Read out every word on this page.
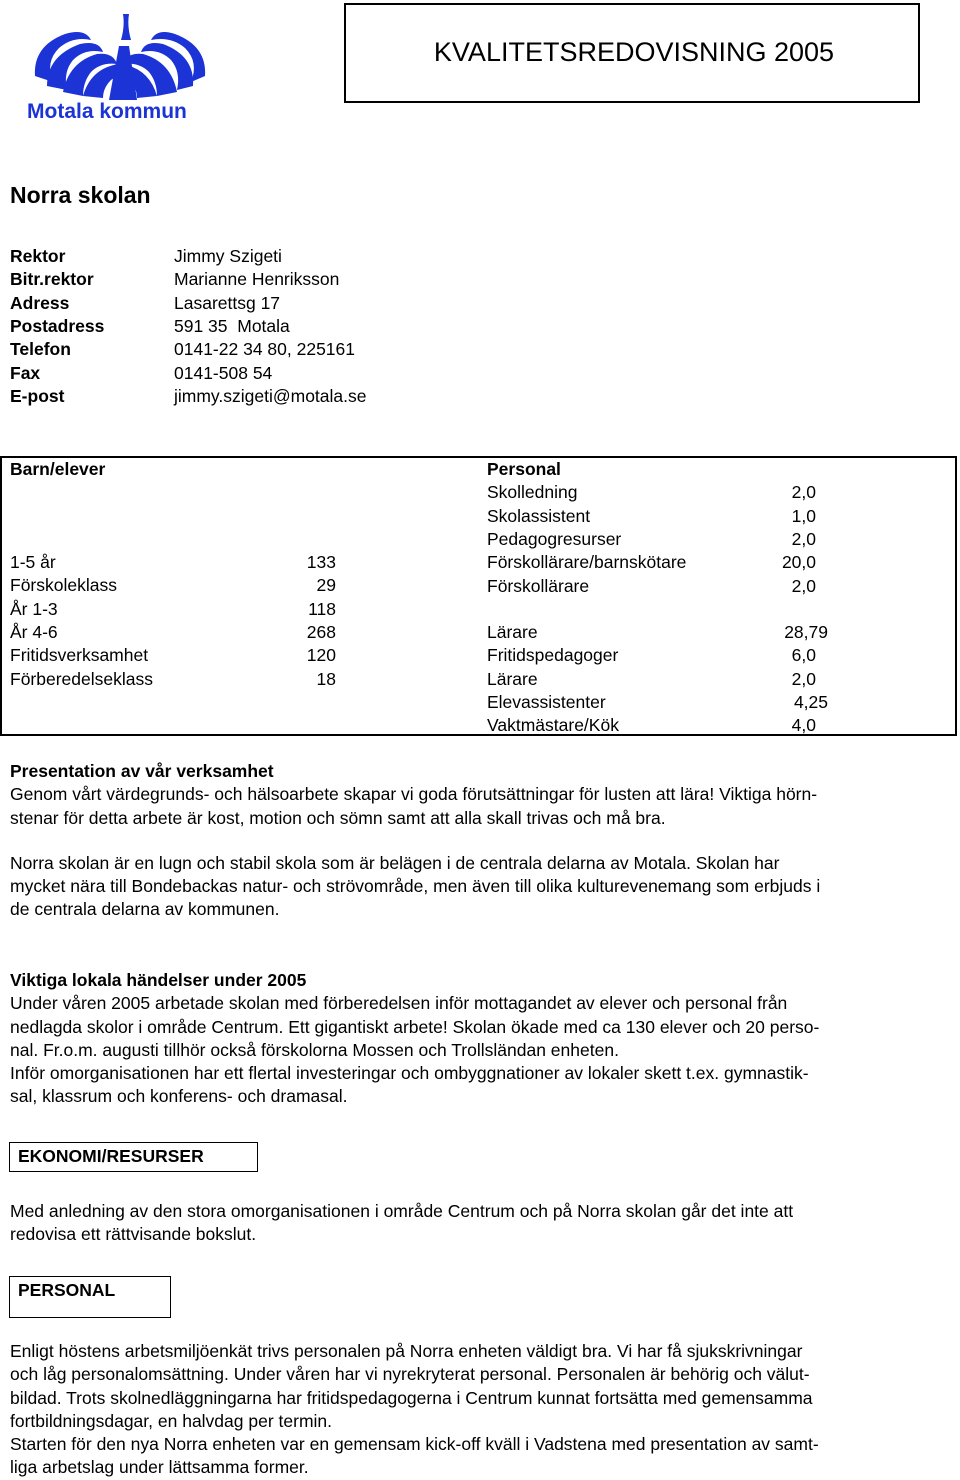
Motala kommun
KVALITETSREDOVISNING 2005
Norra skolan
Rektor	Jimmy Szigeti
Bitr.rektor	Marianne Henriksson
Adress	Lasarettsg 17
Postadress	591 35  Motala
Telefon	0141-22 34 80, 225161
Fax	0141-508 54
E-post	jimmy.szigeti@motala.se
Barn/elever
1-5 år	133
Förskoleklass	29
År 1-3	118
År 4-6	268
Fritidsverksamhet	120
Förberedelseklass	18
Personal
Skolledning	2,0
Skolassistent	1,0
Pedagogresurser	2,0
Förskollärare/barnskötare	20,0
Förskollärare	2,0
Lärare	28,79
Fritidspedagoger	6,0
Lärare	2,0
Elevassistenter	4,25
Vaktmästare/Kök	4,0
Presentation av vår verksamhet
Genom vårt värdegrunds- och hälsoarbete skapar vi goda förutsättningar för lusten att lära! Viktiga hörn-
stenar för detta arbete är kost, motion och sömn samt att alla skall trivas och må bra.
Norra skolan är en lugn och stabil skola som är belägen i de centrala delarna av Motala. Skolan har
mycket nära till Bondebackas natur- och strövområde, men även till olika kulturevenemang som erbjuds i
de centrala delarna av kommunen.
Viktiga lokala händelser under 2005
Under våren 2005 arbetade skolan med förberedelsen inför mottagandet av elever och personal från
nedlagda skolor i område Centrum. Ett gigantiskt arbete! Skolan ökade med ca 130 elever och 20 perso-
nal. Fr.o.m. augusti tillhör också förskolorna Mossen och Trollsländan enheten.
Inför omorganisationen har ett flertal investeringar och ombyggnationer av lokaler skett t.ex. gymnastik-
sal, klassrum och konferens- och dramasal.
EKONOMI/RESURSER
Med anledning av den stora omorganisationen i område Centrum och på Norra skolan går det inte att
redovisa ett rättvisande bokslut.
PERSONAL
Enligt höstens arbetsmiljöenkät trivs personalen på Norra enheten väldigt bra. Vi har få sjukskrivningar
och låg personalomsättning. Under våren har vi nyrekryterat personal. Personalen är behörig och välut-
bildad. Trots skolnedläggningarna har fritidspedagogerna i Centrum kunnat fortsätta med gemensamma
fortbildningsdagar, en halvdag per termin.
Starten för den nya Norra enheten var en gemensam kick-off kväll i Vadstena med presentation av samt-
liga arbetslag under lättsamma former.
